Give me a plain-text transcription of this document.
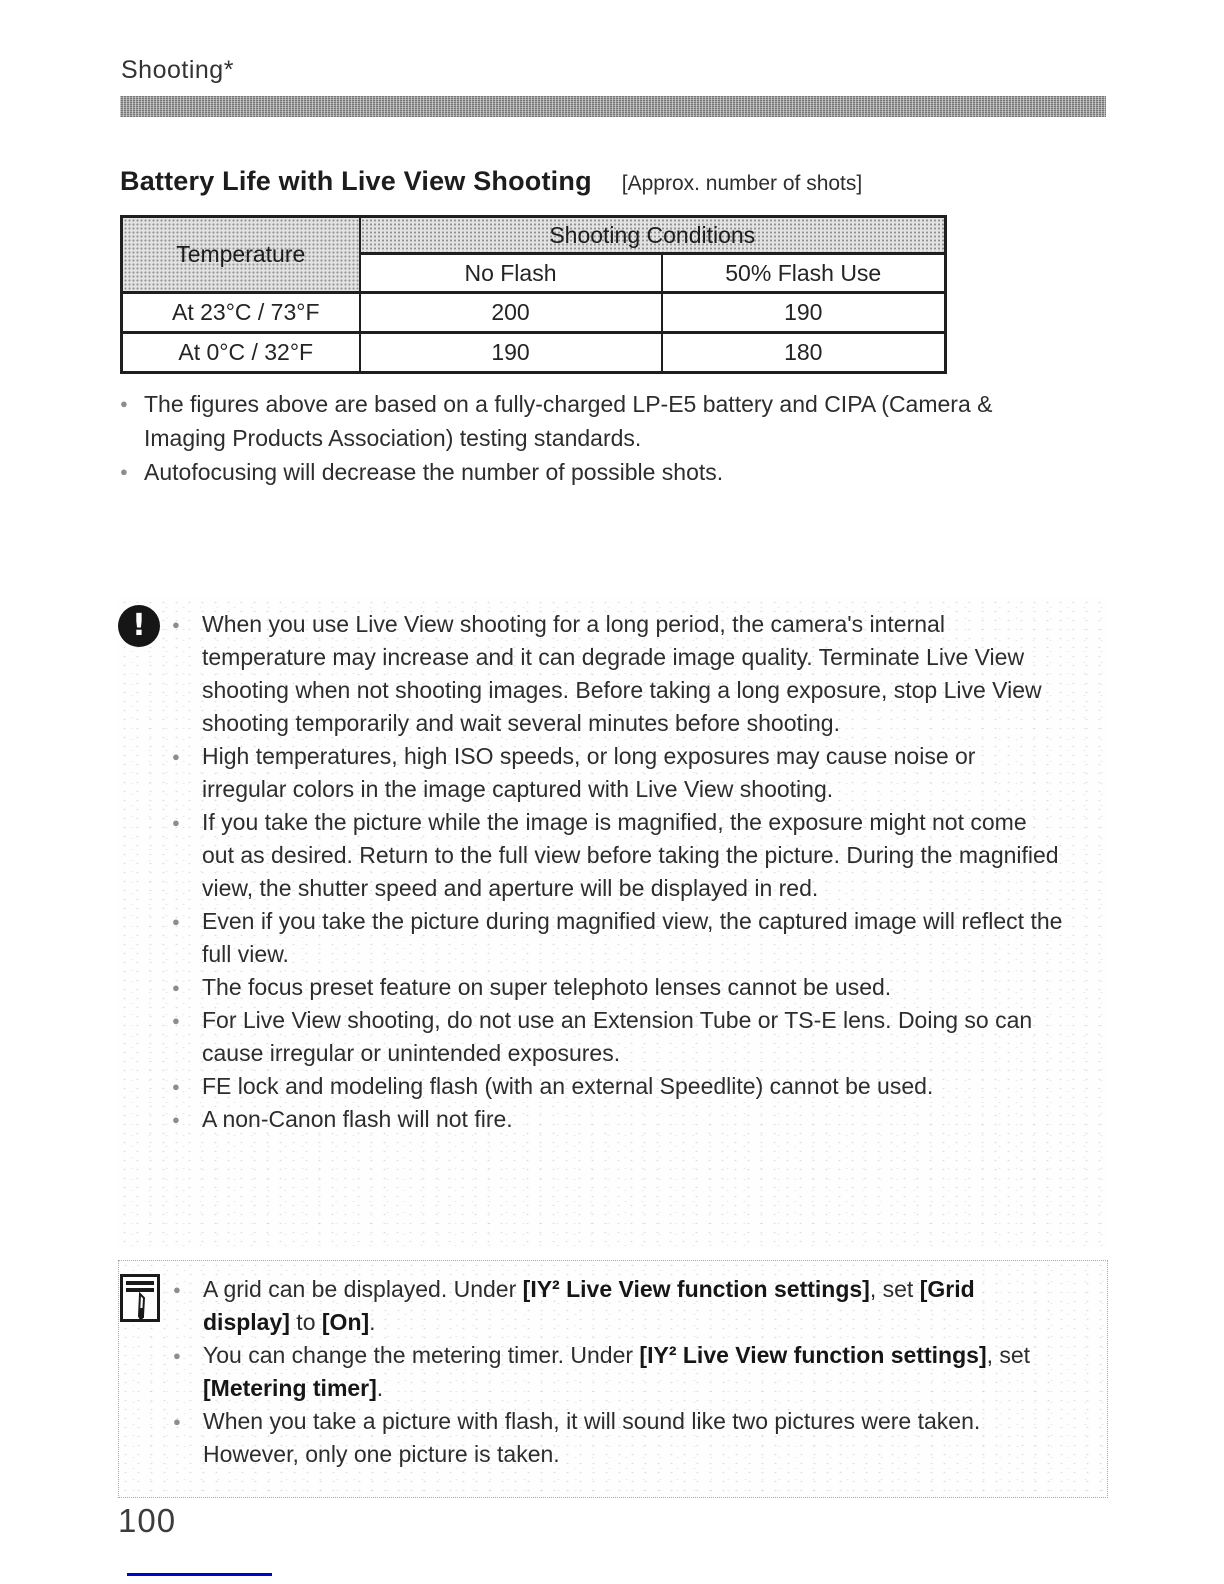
Shooting*
Battery Life with Live View Shooting [Approx. number of shots]
Temperature	Shooting Conditions	
	No Flash	50% Flash Use
At 23°C / 73°F	200	190
At 0°C / 32°F	190	180
● The figures above are based on a fully-charged LP-E5 battery and CIPA (Camera & Imaging Products Association) testing standards.
● Autofocusing will decrease the number of possible shots.
!	● When you use Live View shooting for a long period, the camera's internal temperature may increase and it can degrade image quality. Terminate Live View shooting when not shooting images. Before taking a long exposure, stop Live View shooting temporarily and wait several minutes before shooting.
● High temperatures, high ISO speeds, or long exposures may cause noise or irregular colors in the image captured with Live View shooting.
● If you take the picture while the image is magnified, the exposure might not come out as desired. Return to the full view before taking the picture. During the magnified view, the shutter speed and aperture will be displayed in red.
● Even if you take the picture during magnified view, the captured image will reflect the full view.
● The focus preset feature on super telephoto lenses cannot be used.
● For Live View shooting, do not use an Extension Tube or TS-E lens. Doing so can cause irregular or unintended exposures.
● FE lock and modeling flash (with an external Speedlite) cannot be used.
● A non-Canon flash will not fire.
● A grid can be displayed. Under [IY² Live View function settings], set [Grid display] to [On].
● You can change the metering timer. Under [IY² Live View function settings], set [Metering timer].
● When you take a picture with flash, it will sound like two pictures were taken. However, only one picture is taken.
100
